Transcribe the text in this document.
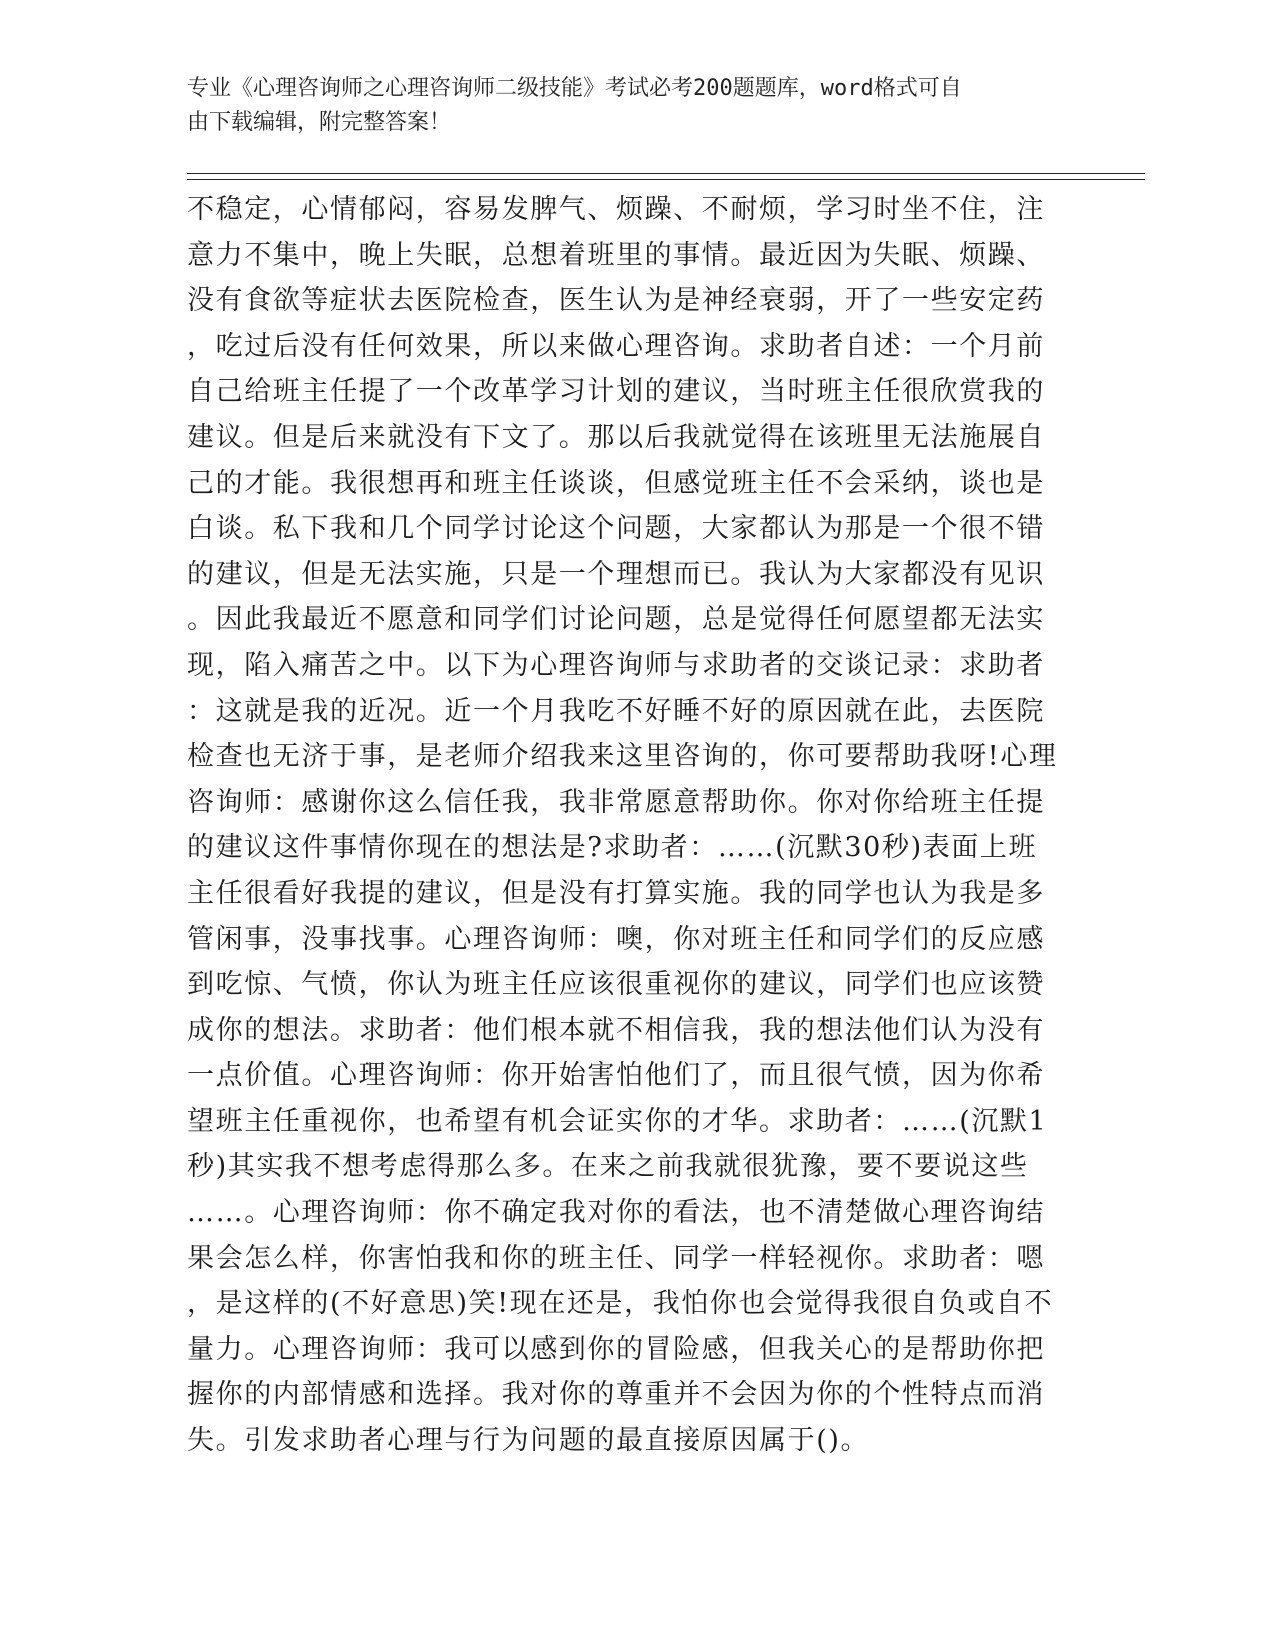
专业《心理咨询师之心理咨询师二级技能》考试必考200题题库，word格式可自
由下载编辑，附完整答案！
不稳定，心情郁闷，容易发脾气、烦躁、不耐烦，学习时坐不住，注
意力不集中，晚上失眠，总想着班里的事情。最近因为失眠、烦躁、
没有食欲等症状去医院检查，医生认为是神经衰弱，开了一些安定药
，吃过后没有任何效果，所以来做心理咨询。求助者自述：一个月前
自己给班主任提了一个改革学习计划的建议，当时班主任很欣赏我的
建议。但是后来就没有下文了。那以后我就觉得在该班里无法施展自
己的才能。我很想再和班主任谈谈，但感觉班主任不会采纳，谈也是
白谈。私下我和几个同学讨论这个问题，大家都认为那是一个很不错
的建议，但是无法实施，只是一个理想而已。我认为大家都没有见识
。因此我最近不愿意和同学们讨论问题，总是觉得任何愿望都无法实
现，陷入痛苦之中。以下为心理咨询师与求助者的交谈记录：求助者
：这就是我的近况。近一个月我吃不好睡不好的原因就在此，去医院
检查也无济于事，是老师介绍我来这里咨询的，你可要帮助我呀!心理
咨询师：感谢你这么信任我，我非常愿意帮助你。你对你给班主任提
的建议这件事情你现在的想法是?求助者：……(沉默30秒)表面上班
主任很看好我提的建议，但是没有打算实施。我的同学也认为我是多
管闲事，没事找事。心理咨询师：噢，你对班主任和同学们的反应感
到吃惊、气愤，你认为班主任应该很重视你的建议，同学们也应该赞
成你的想法。求助者：他们根本就不相信我，我的想法他们认为没有
一点价值。心理咨询师：你开始害怕他们了，而且很气愤，因为你希
望班主任重视你，也希望有机会证实你的才华。求助者：……(沉默1
秒)其实我不想考虑得那么多。在来之前我就很犹豫，要不要说这些
……。心理咨询师：你不确定我对你的看法，也不清楚做心理咨询结
果会怎么样，你害怕我和你的班主任、同学一样轻视你。求助者：嗯
，是这样的(不好意思)笑!现在还是，我怕你也会觉得我很自负或自不
量力。心理咨询师：我可以感到你的冒险感，但我关心的是帮助你把
握你的内部情感和选择。我对你的尊重并不会因为你的个性特点而消
失。引发求助者心理与行为问题的最直接原因属于()。
